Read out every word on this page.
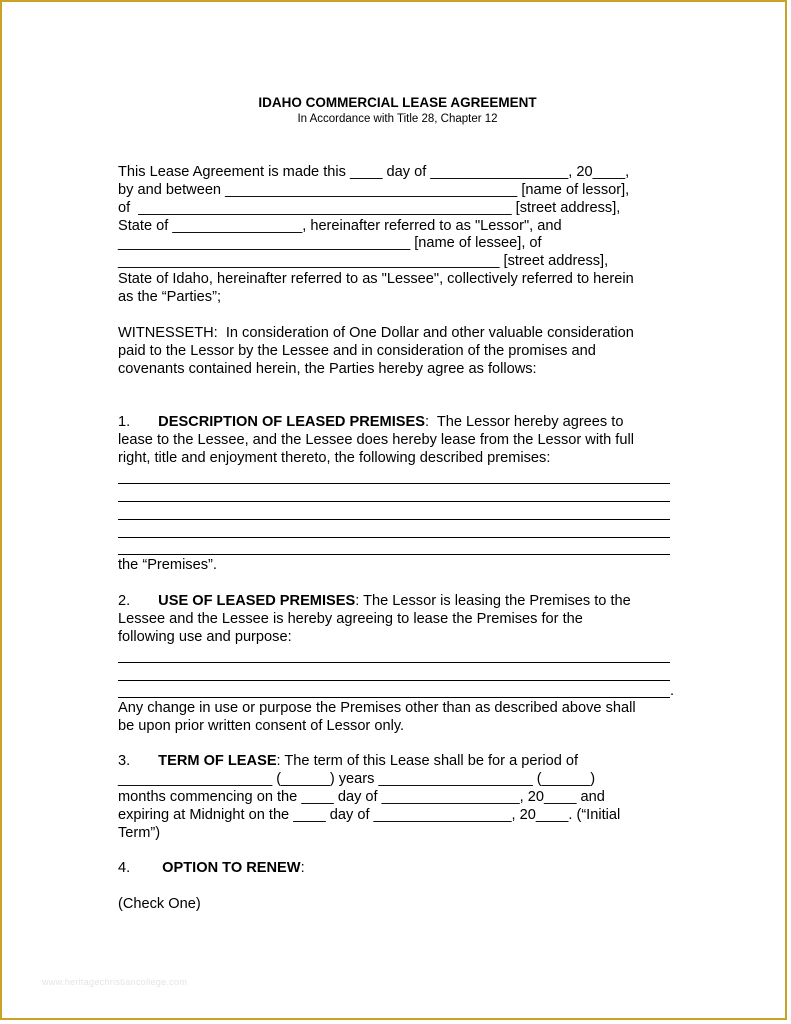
IDAHO COMMERCIAL LEASE AGREEMENT
In Accordance with Title 28, Chapter 12
This Lease Agreement is made this ____ day of _________________, 20____,
by and between ____________________________________ [name of lessor],
of  ______________________________________________ [street address],
State of ________________, hereinafter referred to as "Lessor", and
____________________________________ [name of lessee], of
_______________________________________________ [street address],
State of Idaho, hereinafter referred to as "Lessee", collectively referred to herein
as the “Parties”;
WITNESSETH:  In consideration of One Dollar and other valuable consideration
paid to the Lessor by the Lessee and in consideration of the promises and
covenants contained herein, the Parties hereby agree as follows:
1. DESCRIPTION OF LEASED PREMISES:  The Lessor hereby agrees to
lease to the Lessee, and the Lessee does hereby lease from the Lessor with full
right, title and enjoyment thereto, the following described premises:
the “Premises”.
2. USE OF LEASED PREMISES: The Lessor is leasing the Premises to the
Lessee and the Lessee is hereby agreeing to lease the Premises for the
following use and purpose:
.
Any change in use or purpose the Premises other than as described above shall
be upon prior written consent of Lessor only.
3. TERM OF LEASE: The term of this Lease shall be for a period of
___________________ (______) years ___________________ (______)
months commencing on the ____ day of _________________, 20____ and
expiring at Midnight on the ____ day of _________________, 20____. (“Initial
Term”)
4. OPTION TO RENEW:
(Check One)
www.heritagechristiancollege.com
